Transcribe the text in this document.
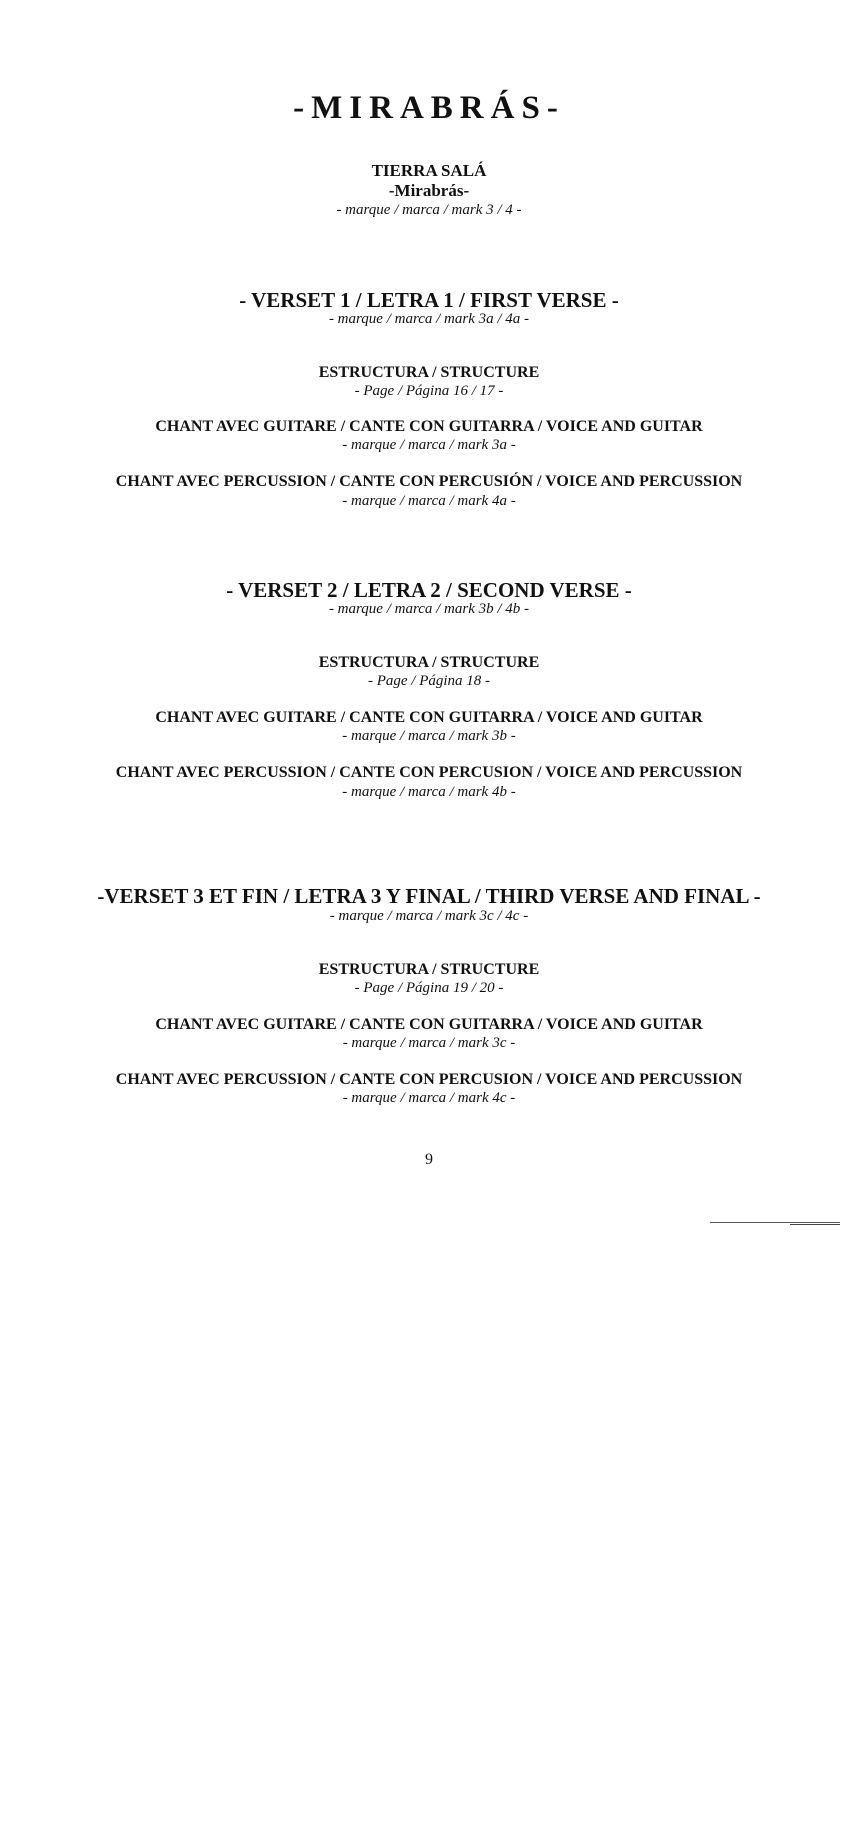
-MIRABRÁS-
TIERRA SALÁ
-Mirabrás-
- marque / marca / mark 3 / 4 -
- VERSET 1 / LETRA 1 / FIRST VERSE -
- marque / marca / mark 3a / 4a -
ESTRUCTURA / STRUCTURE
- Page / Página 16 / 17 -
CHANT AVEC GUITARE / CANTE CON GUITARRA / VOICE AND GUITAR
- marque / marca / mark 3a -
CHANT AVEC PERCUSSION / CANTE CON PERCUSIÓN / VOICE AND PERCUSSION
- marque / marca / mark 4a -
- VERSET 2 / LETRA 2 / SECOND VERSE -
- marque / marca / mark 3b / 4b -
ESTRUCTURA / STRUCTURE
- Page / Página 18 -
CHANT AVEC GUITARE / CANTE CON GUITARRA / VOICE AND GUITAR
- marque / marca / mark 3b -
CHANT AVEC PERCUSSION / CANTE CON PERCUSION / VOICE AND PERCUSSION
- marque / marca / mark 4b -
-VERSET 3 ET FIN / LETRA 3 Y FINAL / THIRD VERSE AND FINAL -
- marque / marca / mark 3c / 4c -
ESTRUCTURA / STRUCTURE
- Page / Página 19 / 20 -
CHANT AVEC GUITARE / CANTE CON GUITARRA / VOICE AND GUITAR
- marque / marca / mark 3c -
CHANT AVEC PERCUSSION / CANTE CON PERCUSION / VOICE AND PERCUSSION
- marque / marca / mark 4c -
9
